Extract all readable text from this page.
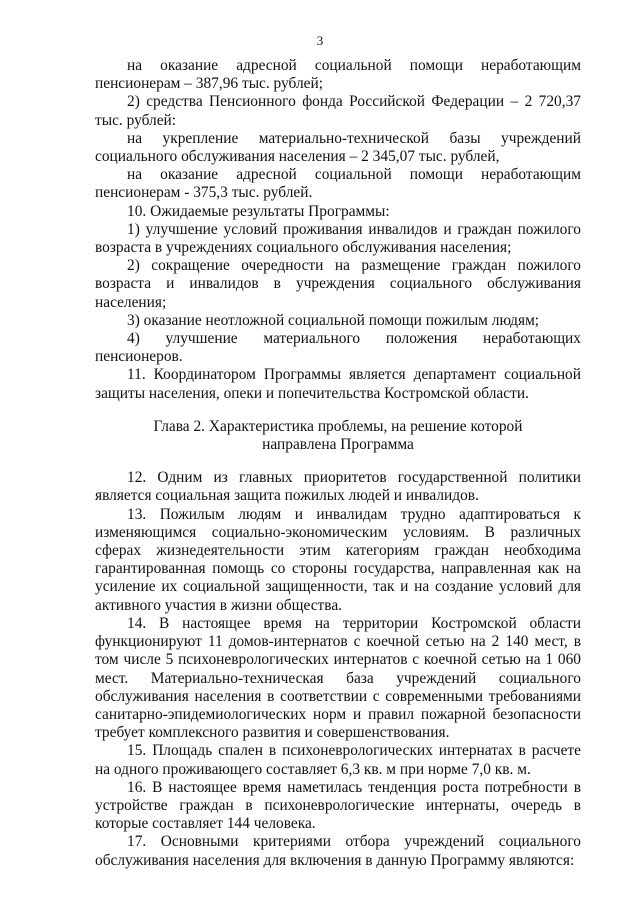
3

на оказание адресной социальной помощи неработающим пенсионерам – 387,96 тыс. рублей;

2) средства Пенсионного фонда Российской Федерации – 2 720,37 тыс. рублей:

на укрепление материально-технической базы учреждений социального обслуживания населения – 2 345,07 тыс. рублей,

на оказание адресной социальной помощи неработающим пенсионерам - 375,3 тыс. рублей.

10. Ожидаемые результаты Программы:

1) улучшение условий проживания инвалидов и граждан пожилого возраста в учреждениях социального обслуживания населения;

2) сокращение очередности на размещение граждан пожилого возраста и инвалидов в учреждения социального обслуживания населения;

3) оказание неотложной социальной помощи пожилым людям;

4) улучшение материального положения неработающих пенсионеров.

11. Координатором Программы является департамент социальной защиты населения, опеки и попечительства Костромской области.

Глава 2. Характеристика проблемы, на решение которой

направлена Программа

12. Одним из главных приоритетов государственной политики является социальная защита пожилых людей и инвалидов.

13. Пожилым людям и инвалидам трудно адаптироваться к изменяющимся социально-экономическим условиям. В различных сферах жизнедеятельности этим категориям граждан необходима гарантированная помощь со стороны государства, направленная как на усиление их социальной защищенности, так и на создание условий для активного участия в жизни общества.

14. В настоящее время на территории Костромской области функционируют 11 домов-интернатов с коечной сетью на 2 140 мест, в том числе 5 психоневрологических интернатов с коечной сетью на 1 060 мест. Материально-техническая база учреждений социального обслуживания населения в соответствии с современными требованиями санитарно-эпидемиологических норм и правил пожарной безопасности требует комплексного развития и совершенствования.

15. Площадь спален в психоневрологических интернатах в расчете на одного проживающего составляет 6,3 кв. м при норме 7,0 кв. м.

16. В настоящее время наметилась тенденция роста потребности в устройстве граждан в психоневрологические интернаты, очередь в которые составляет 144 человека.

17. Основными критериями отбора учреждений социального обслуживания населения для включения в данную Программу являются:
